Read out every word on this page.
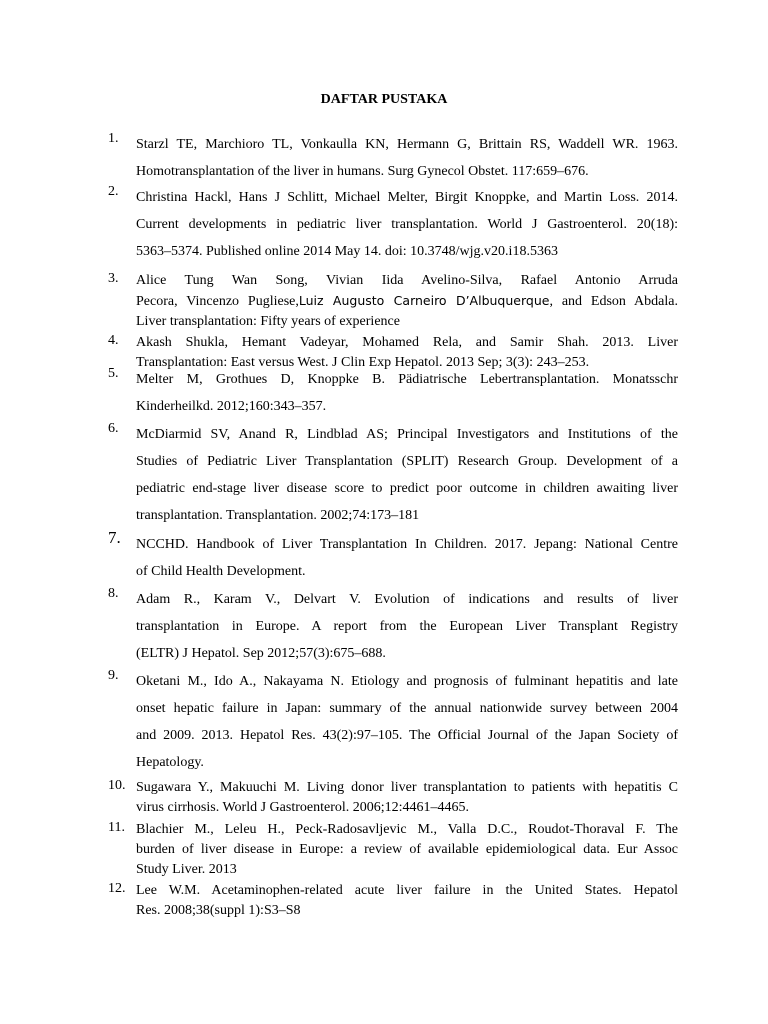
DAFTAR PUSTAKA
1. Starzl TE, Marchioro TL, Vonkaulla KN, Hermann G, Brittain RS, Waddell WR. 1963.
Homotransplantation of the liver in humans. Surg Gynecol Obstet. 117:659–676.
2. Christina Hackl, Hans J Schlitt, Michael Melter, Birgit Knoppke, and Martin Loss. 2014.
Current developments in pediatric liver transplantation. World J Gastroenterol. 20(18):
5363–5374. Published online 2014 May 14. doi: 10.3748/wjg.v20.i18.5363
3. Alice Tung Wan Song, Vivian Iida Avelino-Silva, Rafael Antonio Arruda
Pecora, Vincenzo Pugliese,Luiz Augusto Carneiro D’Albuquerque, and Edson Abdala.
Liver transplantation: Fifty years of experience
4. Akash Shukla, Hemant Vadeyar, Mohamed Rela, and Samir Shah. 2013. Liver
Transplantation: East versus West. J Clin Exp Hepatol. 2013 Sep; 3(3): 243–253.
5. Melter M, Grothues D, Knoppke B. Pädiatrische Lebertransplantation. Monatsschr
Kinderheilkd. 2012;160:343–357.
6. McDiarmid SV, Anand R, Lindblad AS; Principal Investigators and Institutions of the
Studies of Pediatric Liver Transplantation (SPLIT) Research Group. Development of a
pediatric end-stage liver disease score to predict poor outcome in children awaiting liver
transplantation. Transplantation. 2002;74:173–181
7. NCCHD. Handbook of Liver Transplantation In Children. 2017. Jepang: National Centre
of Child Health Development.
8. Adam R., Karam V., Delvart V. Evolution of indications and results of liver
transplantation in Europe. A report from the European Liver Transplant Registry
(ELTR) J Hepatol. Sep 2012;57(3):675–688.
9. Oketani M., Ido A., Nakayama N. Etiology and prognosis of fulminant hepatitis and late
onset hepatic failure in Japan: summary of the annual nationwide survey between 2004
and 2009. 2013. Hepatol Res. 43(2):97–105. The Official Journal of the Japan Society of
Hepatology.
10. Sugawara Y., Makuuchi M. Living donor liver transplantation to patients with hepatitis C
virus cirrhosis. World J Gastroenterol. 2006;12:4461–4465.
11. Blachier M., Leleu H., Peck-Radosavljevic M., Valla D.C., Roudot-Thoraval F. The
burden of liver disease in Europe: a review of available epidemiological data. Eur Assoc
Study Liver. 2013
12. Lee W.M. Acetaminophen-related acute liver failure in the United States. Hepatol
Res. 2008;38(suppl 1):S3–S8
